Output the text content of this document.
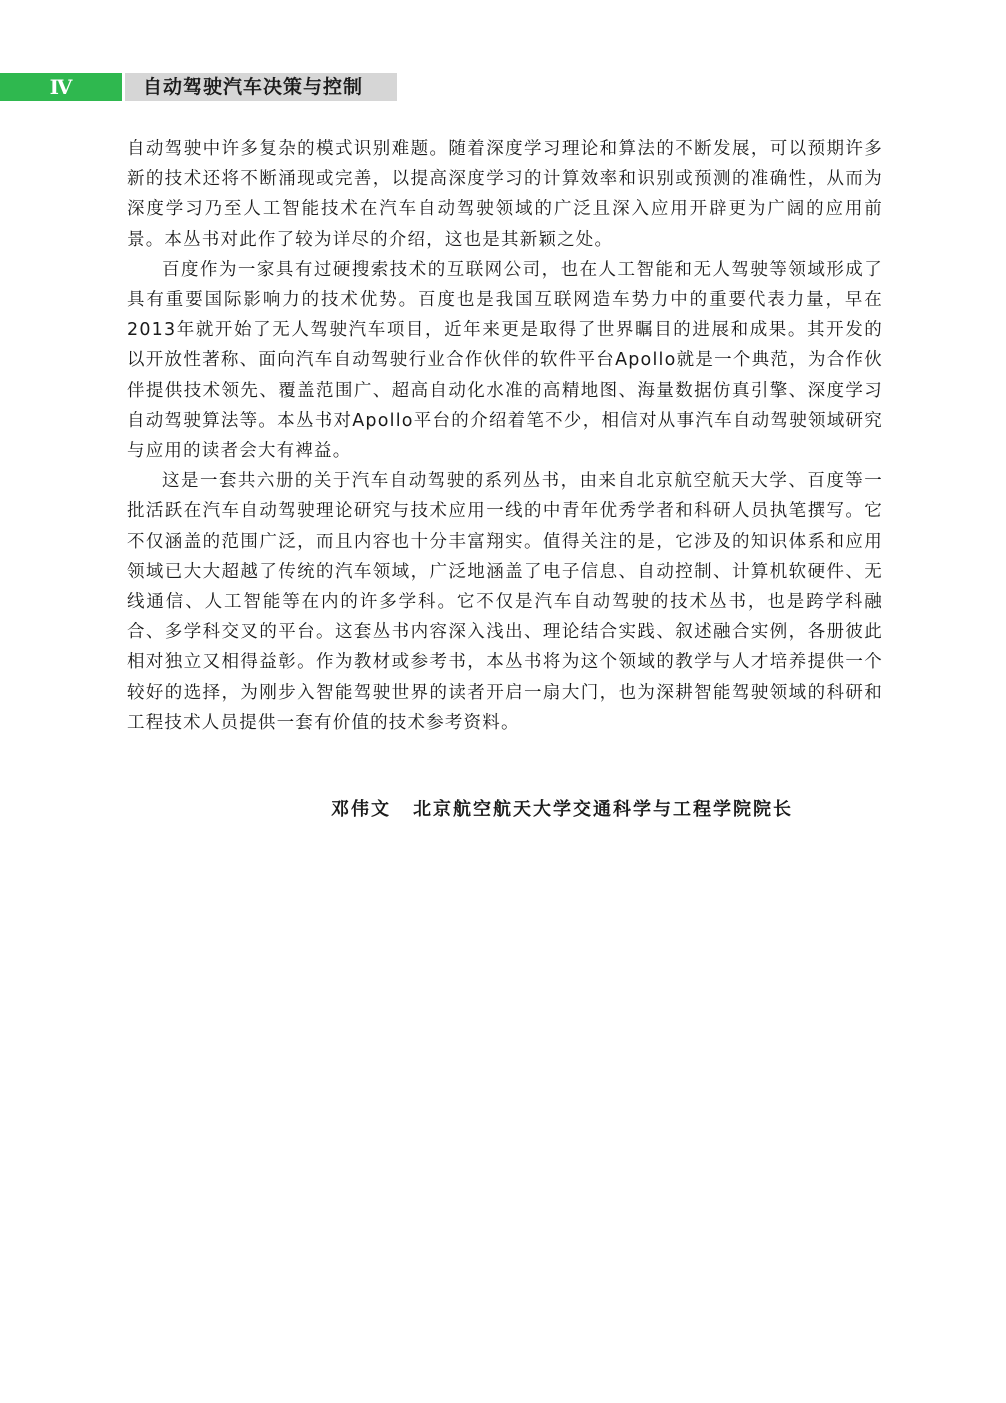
Ⅳ	自动驾驶汽车决策与控制

自动驾驶中许多复杂的模式识别难题。随着深度学习理论和算法的不断发展，可以预期许多新的技术还将不断涌现或完善，以提高深度学习的计算效率和识别或预测的准确性，从而为深度学习乃至人工智能技术在汽车自动驾驶领域的广泛且深入应用开辟更为广阔的应用前景。本丛书对此作了较为详尽的介绍，这也是其新颖之处。

百度作为一家具有过硬搜索技术的互联网公司，也在人工智能和无人驾驶等领域形成了具有重要国际影响力的技术优势。百度也是我国互联网造车势力中的重要代表力量，早在2013年就开始了无人驾驶汽车项目，近年来更是取得了世界瞩目的进展和成果。其开发的以开放性著称、面向汽车自动驾驶行业合作伙伴的软件平台Apollo就是一个典范，为合作伙伴提供技术领先、覆盖范围广、超高自动化水准的高精地图、海量数据仿真引擎、深度学习自动驾驶算法等。本丛书对Apollo平台的介绍着笔不少，相信对从事汽车自动驾驶领域研究与应用的读者会大有裨益。

这是一套共六册的关于汽车自动驾驶的系列丛书，由来自北京航空航天大学、百度等一批活跃在汽车自动驾驶理论研究与技术应用一线的中青年优秀学者和科研人员执笔撰写。它不仅涵盖的范围广泛，而且内容也十分丰富翔实。值得关注的是，它涉及的知识体系和应用领域已大大超越了传统的汽车领域，广泛地涵盖了电子信息、自动控制、计算机软硬件、无线通信、人工智能等在内的许多学科。它不仅是汽车自动驾驶的技术丛书，也是跨学科融合、多学科交叉的平台。这套丛书内容深入浅出、理论结合实践、叙述融合实例，各册彼此相对独立又相得益彰。作为教材或参考书，本丛书将为这个领域的教学与人才培养提供一个较好的选择，为刚步入智能驾驶世界的读者开启一扇大门，也为深耕智能驾驶领域的科研和工程技术人员提供一套有价值的技术参考资料。

邓伟文 北京航空航天大学交通科学与工程学院院长
